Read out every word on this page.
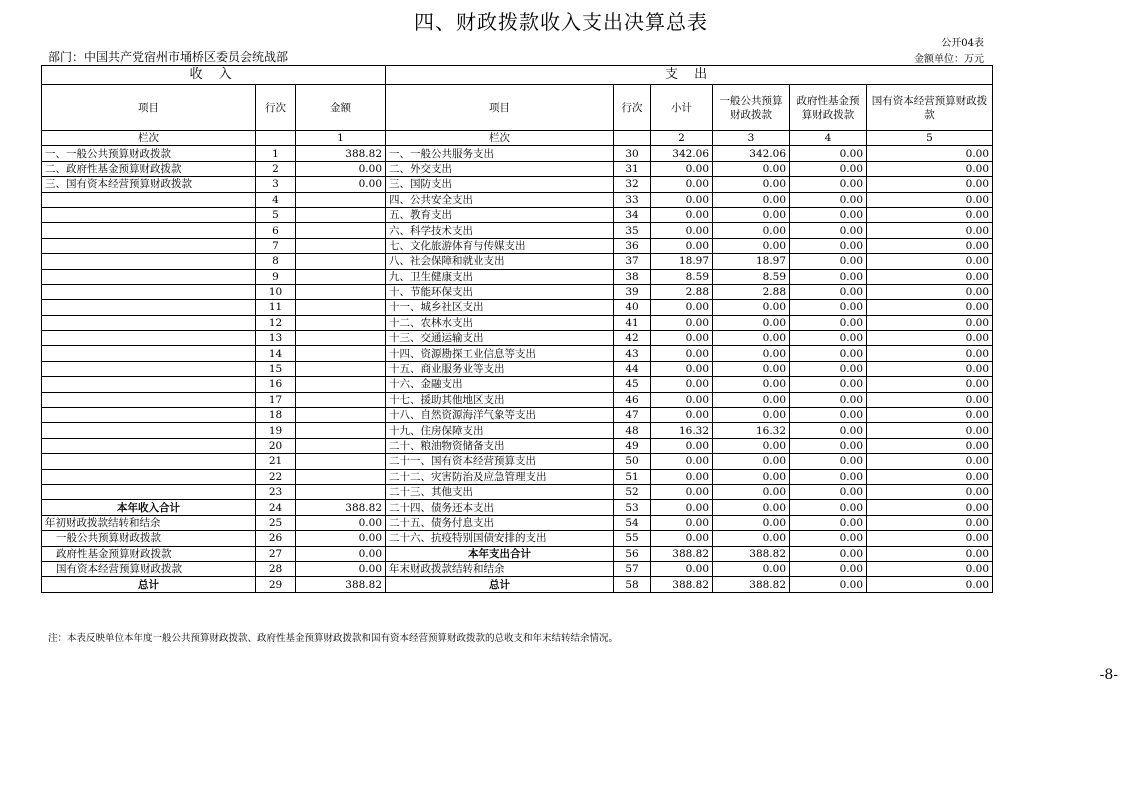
四、财政拨款收入支出决算总表
公开04表
部门：中国共产党宿州市埇桥区委员会统战部	金额单位：万元
收 入			支 出					
项目	行次	金额	项目	行次	小计	一般公共预算财政拨款	政府性基金预算财政拨款	国有资本经营预算财政拨款
栏次		1	栏次		2	3	4	5
一、一般公共预算财政拨款	1	388.82	一、一般公共服务支出	30	342.06	342.06	0.00	0.00
二、政府性基金预算财政拨款	2	0.00	二、外交支出	31	0.00	0.00	0.00	0.00
三、国有资本经营预算财政拨款	3	0.00	三、国防支出	32	0.00	0.00	0.00	0.00
	4		四、公共安全支出	33	0.00	0.00	0.00	0.00
	5		五、教育支出	34	0.00	0.00	0.00	0.00
	6		六、科学技术支出	35	0.00	0.00	0.00	0.00
	7		七、文化旅游体育与传媒支出	36	0.00	0.00	0.00	0.00
	8		八、社会保障和就业支出	37	18.97	18.97	0.00	0.00
	9		九、卫生健康支出	38	8.59	8.59	0.00	0.00
	10		十、节能环保支出	39	2.88	2.88	0.00	0.00
	11		十一、城乡社区支出	40	0.00	0.00	0.00	0.00
	12		十二、农林水支出	41	0.00	0.00	0.00	0.00
	13		十三、交通运输支出	42	0.00	0.00	0.00	0.00
	14		十四、资源勘探工业信息等支出	43	0.00	0.00	0.00	0.00
	15		十五、商业服务业等支出	44	0.00	0.00	0.00	0.00
	16		十六、金融支出	45	0.00	0.00	0.00	0.00
	17		十七、援助其他地区支出	46	0.00	0.00	0.00	0.00
	18		十八、自然资源海洋气象等支出	47	0.00	0.00	0.00	0.00
	19		十九、住房保障支出	48	16.32	16.32	0.00	0.00
	20		二十、粮油物资储备支出	49	0.00	0.00	0.00	0.00
	21		二十一、国有资本经营预算支出	50	0.00	0.00	0.00	0.00
	22		二十二、灾害防治及应急管理支出	51	0.00	0.00	0.00	0.00
	23		二十三、其他支出	52	0.00	0.00	0.00	0.00
本年收入合计	24	388.82	二十四、债务还本支出	53	0.00	0.00	0.00	0.00
年初财政拨款结转和结余	25	0.00	二十五、债务付息支出	54	0.00	0.00	0.00	0.00
一般公共预算财政拨款	26	0.00	二十六、抗疫特别国债安排的支出	55	0.00	0.00	0.00	0.00
政府性基金预算财政拨款	27	0.00	本年支出合计	56	388.82	388.82	0.00	0.00
国有资本经营预算财政拨款	28	0.00	年末财政拨款结转和结余	57	0.00	0.00	0.00	0.00
总计	29	388.82	总计	58	388.82	388.82	0.00	0.00
注：本表反映单位本年度一般公共预算财政拨款、政府性基金预算财政拨款和国有资本经营预算财政拨款的总收支和年末结转结余情况。
-8-
